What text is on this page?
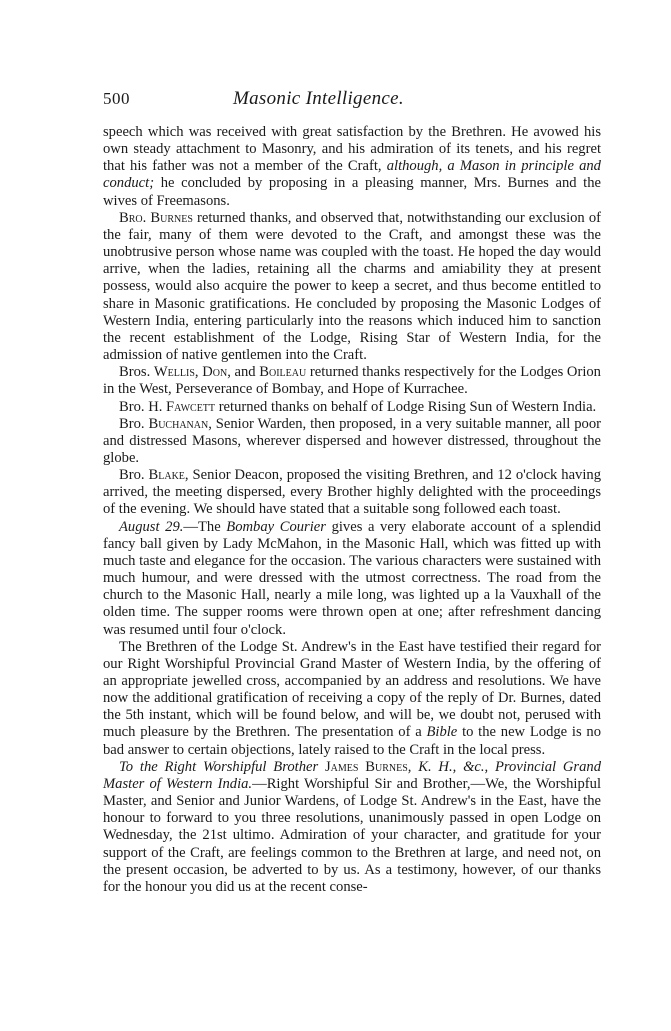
500	Masonic Intelligence.

speech which was received with great satisfaction by the Brethren. He avowed his own steady attachment to Masonry, and his admiration of its tenets, and his regret that his father was not a member of the Craft, although, a Mason in principle and conduct; he concluded by proposing in a pleasing manner, Mrs. Burnes and the wives of Freemasons.

Bro. Burnes returned thanks, and observed that, notwithstanding our exclusion of the fair, many of them were devoted to the Craft, and amongst these was the unobtrusive person whose name was coupled with the toast. He hoped the day would arrive, when the ladies, retaining all the charms and amiability they at present possess, would also acquire the power to keep a secret, and thus become entitled to share in Masonic gratifications. He concluded by proposing the Masonic Lodges of Western India, entering particularly into the reasons which induced him to sanction the recent establishment of the Lodge, Rising Star of Western India, for the admission of native gentlemen into the Craft.

Bros. Wellis, Don, and Boileau returned thanks respectively for the Lodges Orion in the West, Perseverance of Bombay, and Hope of Kurrachee.

Bro. H. Fawcett returned thanks on behalf of Lodge Rising Sun of Western India.

Bro. Buchanan, Senior Warden, then proposed, in a very suitable manner, all poor and distressed Masons, wherever dispersed and however distressed, throughout the globe.

Bro. Blake, Senior Deacon, proposed the visiting Brethren, and 12 o'clock having arrived, the meeting dispersed, every Brother highly delighted with the proceedings of the evening. We should have stated that a suitable song followed each toast.

August 29.—The Bombay Courier gives a very elaborate account of a splendid fancy ball given by Lady McMahon, in the Masonic Hall, which was fitted up with much taste and elegance for the occasion. The various characters were sustained with much humour, and were dressed with the utmost correctness. The road from the church to the Masonic Hall, nearly a mile long, was lighted up a la Vauxhall of the olden time. The supper rooms were thrown open at one; after refreshment dancing was resumed until four o'clock.

The Brethren of the Lodge St. Andrew's in the East have testified their regard for our Right Worshipful Provincial Grand Master of Western India, by the offering of an appropriate jewelled cross, accompanied by an address and resolutions. We have now the additional gratification of receiving a copy of the reply of Dr. Burnes, dated the 5th instant, which will be found below, and will be, we doubt not, perused with much pleasure by the Brethren. The presentation of a Bible to the new Lodge is no bad answer to certain objections, lately raised to the Craft in the local press.

To the Right Worshipful Brother James Burnes, K. H., &c., Provincial Grand Master of Western India.—Right Worshipful Sir and Brother,—We, the Worshipful Master, and Senior and Junior Wardens, of Lodge St. Andrew's in the East, have the honour to forward to you three resolutions, unanimously passed in open Lodge on Wednesday, the 21st ultimo. Admiration of your character, and gratitude for your support of the Craft, are feelings common to the Brethren at large, and need not, on the present occasion, be adverted to by us. As a testimony, however, of our thanks for the honour you did us at the recent conse-
